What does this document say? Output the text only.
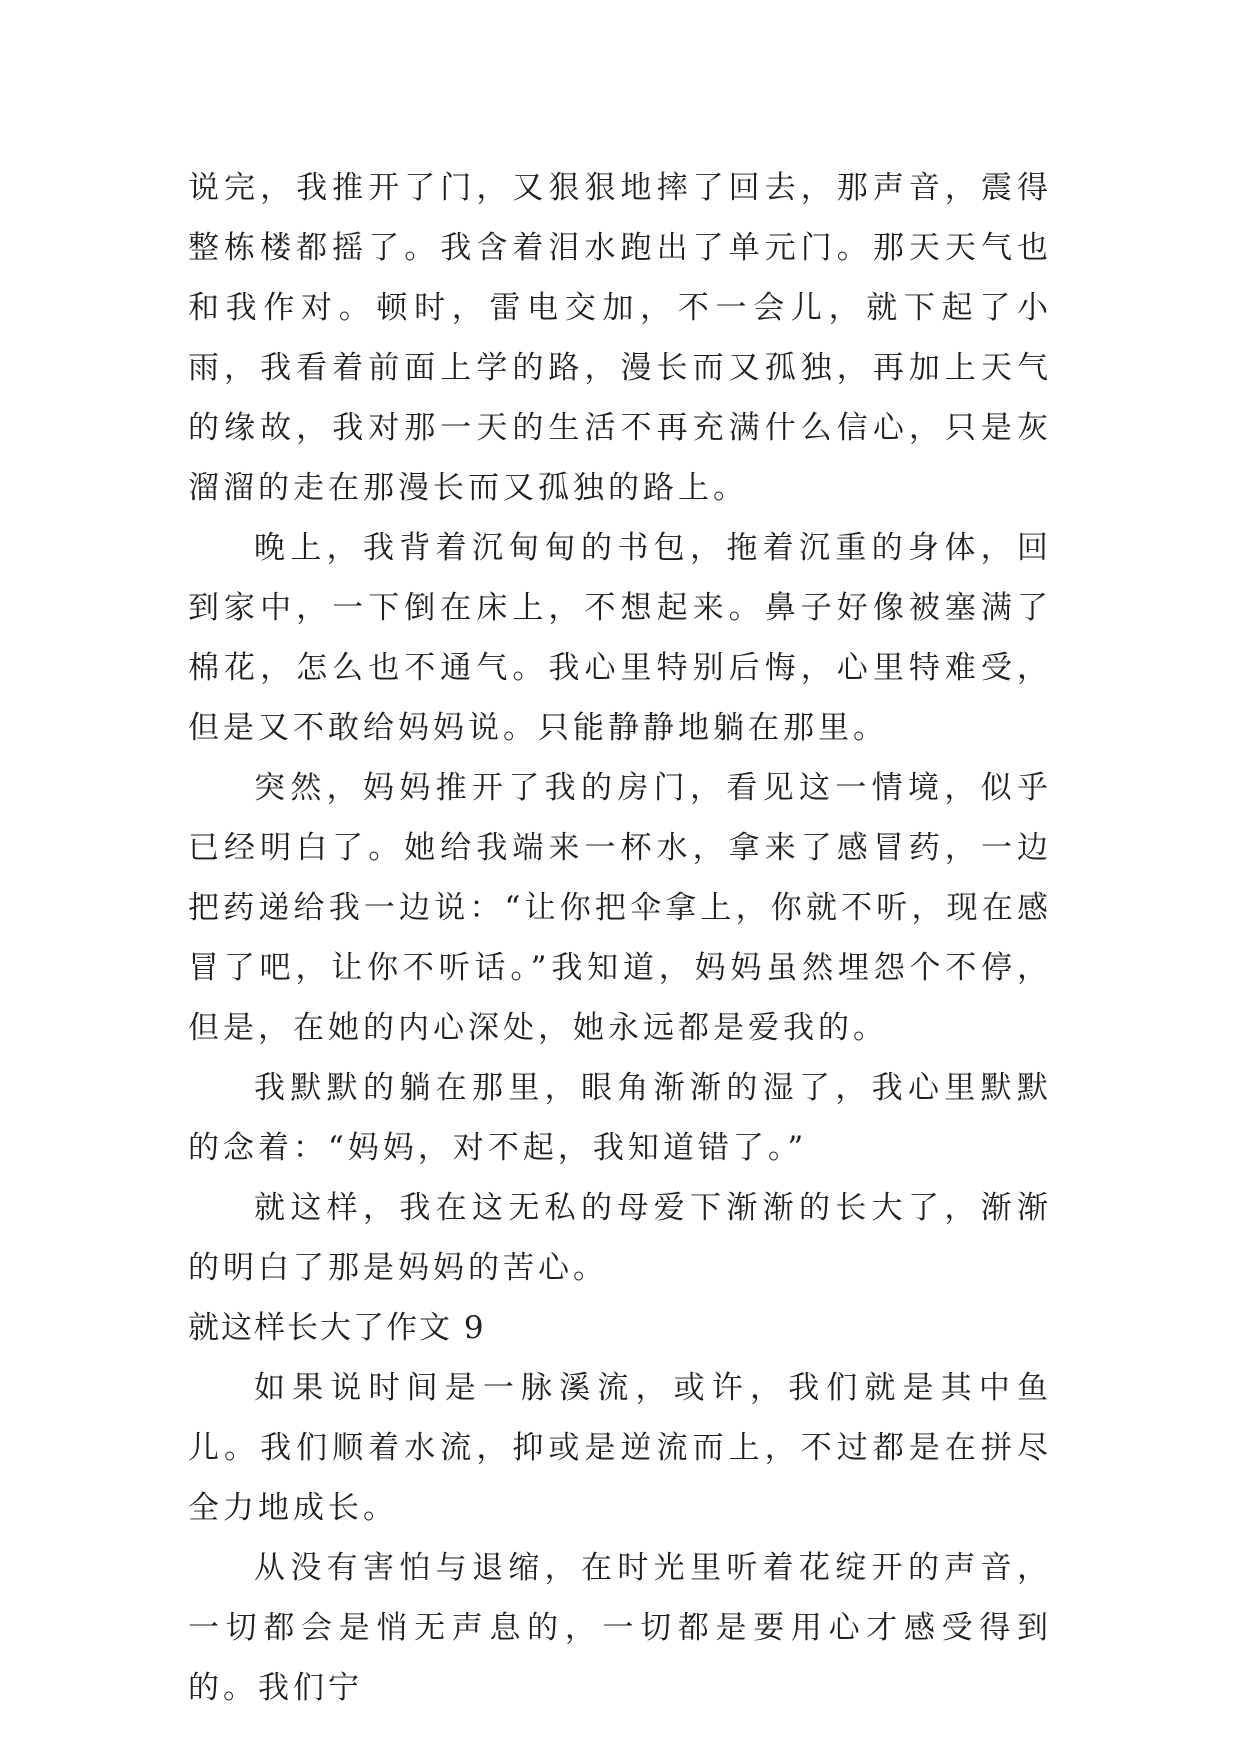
说完，我推开了门，又狠狠地摔了回去，那声音，震得整栋楼都摇了。我含着泪水跑出了单元门。那天天气也和我作对。顿时，雷电交加，不一会儿，就下起了小雨，我看着前面上学的路，漫长而又孤独，再加上天气的缘故，我对那一天的生活不再充满什么信心，只是灰溜溜的走在那漫长而又孤独的路上。

晚上，我背着沉甸甸的书包，拖着沉重的身体，回到家中，一下倒在床上，不想起来。鼻子好像被塞满了棉花，怎么也不通气。我心里特别后悔，心里特难受，但是又不敢给妈妈说。只能静静地躺在那里。

突然，妈妈推开了我的房门，看见这一情境，似乎已经明白了。她给我端来一杯水，拿来了感冒药，一边把药递给我一边说：“让你把伞拿上，你就不听，现在感冒了吧，让你不听话。”我知道，妈妈虽然埋怨个不停，但是，在她的内心深处，她永远都是爱我的。

我默默的躺在那里，眼角渐渐的湿了，我心里默默的念着：“妈妈，对不起，我知道错了。”

就这样，我在这无私的母爱下渐渐的长大了，渐渐的明白了那是妈妈的苦心。

就这样长大了作文 9

如果说时间是一脉溪流，或许，我们就是其中鱼儿。我们顺着水流，抑或是逆流而上，不过都是在拼尽全力地成长。

从没有害怕与退缩，在时光里听着花绽开的声音，一切都会是悄无声息的，一切都是要用心才感受得到的。我们宁
